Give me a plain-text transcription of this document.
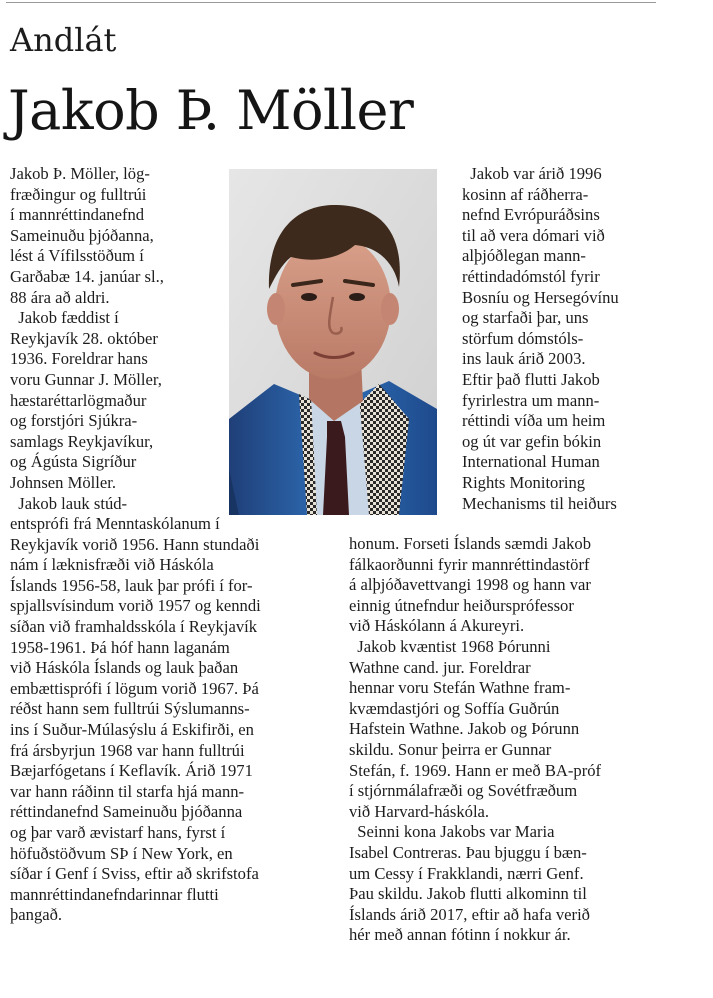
Andlát
Jakob Þ. Möller
Jakob Þ. Möller, lög-
fræðingur og fulltrúi
í mannréttindanefnd
Sameinuðu þjóðanna,
lést á Vífilsstöðum í
Garðabæ 14. janúar sl.,
88 ára að aldri.
Jakob fæddist í
Reykjavík 28. október
1936. Foreldrar hans
voru Gunnar J. Möller,
hæstaréttarlögmaður
og forstjóri Sjúkra-
samlags Reykjavíkur,
og Ágústa Sigríður
Johnsen Möller.
Jakob lauk stúd-
entsprófi frá Menntaskólanum í
Reykjavík vorið 1956. Hann stundaði
nám í læknisfræði við Háskóla
Íslands 1956-58, lauk þar prófi í for-
spjallsvísindum vorið 1957 og kenndi
síðan við framhaldsskóla í Reykjavík
1958-1961. Þá hóf hann laganám
við Háskóla Íslands og lauk þaðan
embættisprófi í lögum vorið 1967. Þá
réðst hann sem fulltrúi Sýslumanns-
ins í Suður-Múlasýslu á Eskifirði, en
frá ársbyrjun 1968 var hann fulltrúi
Bæjarfógetans í Keflavík. Árið 1971
var hann ráðinn til starfa hjá mann-
réttindanefnd Sameinuðu þjóðanna
og þar varð ævistarf hans, fyrst í
höfuðstöðvum SÞ í New York, en
síðar í Genf í Sviss, eftir að skrifstofa
mannréttindanefndarinnar flutti
þangað.
Jakob var árið 1996
kosinn af ráðherra-
nefnd Evrópuráðsins
til að vera dómari við
alþjóðlegan mann-
réttindadómstól fyrir
Bosníu og Hersegóvínu
og starfaði þar, uns
störfum dómstóls-
ins lauk árið 2003.
Eftir það flutti Jakob
fyrirlestra um mann-
réttindi víða um heim
og út var gefin bókin
International Human
Rights Monitoring
Mechanisms til heiðurs
honum. Forseti Íslands sæmdi Jakob
fálkaorðunni fyrir mannréttindastörf
á alþjóðavettvangi 1998 og hann var
einnig útnefndur heiðursprófessor
við Háskólann á Akureyri.
Jakob kvæntist 1968 Þórunni
Wathne cand. jur. Foreldrar
hennar voru Stefán Wathne fram-
kvæmdastjóri og Soffía Guðrún
Hafstein Wathne. Jakob og Þórunn
skildu. Sonur þeirra er Gunnar
Stefán, f. 1969. Hann er með BA-próf
í stjórnmálafræði og Sovétfræðum
við Harvard-háskóla.
Seinni kona Jakobs var Maria
Isabel Contreras. Þau bjuggu í bæn-
um Cessy í Frakklandi, nærri Genf.
Þau skildu. Jakob flutti alkominn til
Íslands árið 2017, eftir að hafa verið
hér með annan fótinn í nokkur ár.
